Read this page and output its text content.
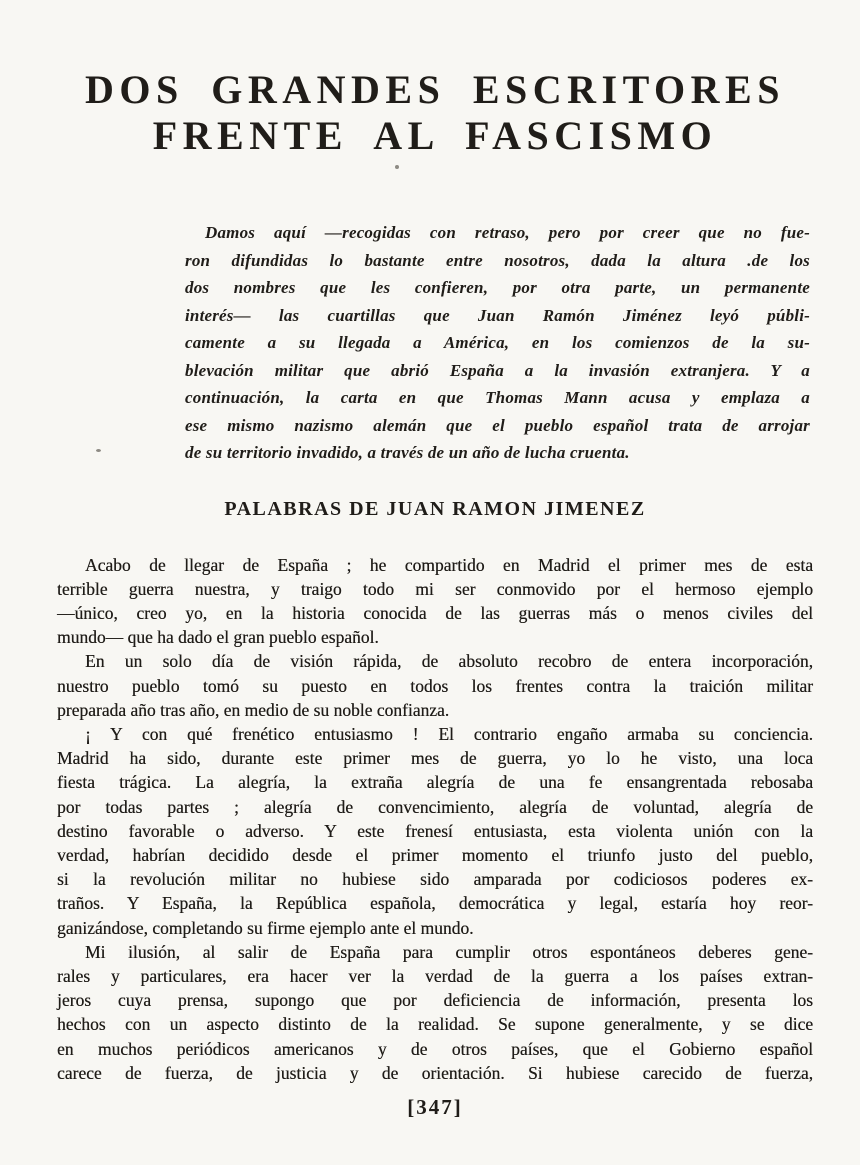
DOS GRANDES ESCRITORES
FRENTE AL FASCISMO
Damos aquí —recogidas con retraso, pero por creer que no fue-
ron difundidas lo bastante entre nosotros, dada la altura .de los
dos nombres que les confieren, por otra parte, un permanente
interés— las cuartillas que Juan Ramón Jiménez leyó públi-
camente a su llegada a América, en los comienzos de la su-
blevación militar que abrió España a la invasión extranjera. Y a
continuación, la carta en que Thomas Mann acusa y emplaza a
ese mismo nazismo alemán que el pueblo español trata de arrojar
de su territorio invadido, a través de un año de lucha cruenta.
PALABRAS DE JUAN RAMON JIMENEZ
Acabo de llegar de España ; he compartido en Madrid el primer mes de esta
terrible guerra nuestra, y traigo todo mi ser conmovido por el hermoso ejemplo
—único, creo yo, en la historia conocida de las guerras más o menos civiles del
mundo— que ha dado el gran pueblo español.
En un solo día de visión rápida, de absoluto recobro de entera incorporación,
nuestro pueblo tomó su puesto en todos los frentes contra la traición militar
preparada año tras año, en medio de su noble confianza.
¡ Y con qué frenético entusiasmo ! El contrario engaño armaba su conciencia.
Madrid ha sido, durante este primer mes de guerra, yo lo he visto, una loca
fiesta trágica. La alegría, la extraña alegría de una fe ensangrentada rebosaba
por todas partes ; alegría de convencimiento, alegría de voluntad, alegría de
destino favorable o adverso. Y este frenesí entusiasta, esta violenta unión con la
verdad, habrían decidido desde el primer momento el triunfo justo del pueblo,
si la revolución militar no hubiese sido amparada por codiciosos poderes ex-
traños. Y España, la República española, democrática y legal, estaría hoy reor-
ganizándose, completando su firme ejemplo ante el mundo.
Mi ilusión, al salir de España para cumplir otros espontáneos deberes gene-
rales y particulares, era hacer ver la verdad de la guerra a los países extran-
jeros cuya prensa, supongo que por deficiencia de información, presenta los
hechos con un aspecto distinto de la realidad. Se supone generalmente, y se dice
en muchos periódicos americanos y de otros países, que el Gobierno español
carece de fuerza, de justicia y de orientación. Si hubiese carecido de fuerza,
[347]
